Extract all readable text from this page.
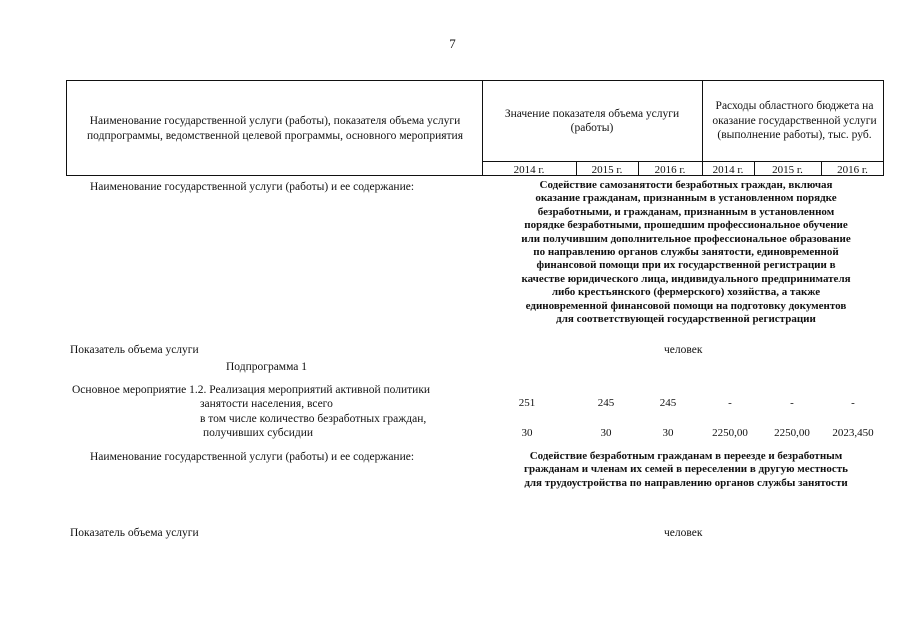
7
Наименование государственной услуги (работы), показателя объема услуги подпрограммы, ведомственной целевой программы, основного мероприятия
Значение показателя объема услуги (работы)
Расходы областного бюджета на оказание государственной услуги (выполнение работы), тыс. руб.
2014 г.	2015 г.	2016 г.	2014 г.	2015 г.	2016 г.
Наименование государственной услуги (работы) и ее содержание:	Содействие самозанятости безработных граждан, включая
оказание гражданам, признанным в установленном порядке
безработными, и гражданам, признанным в установленном
порядке безработными, прошедшим профессиональное обучение
или получившим дополнительное профессиональное образование
по направлению органов службы занятости, единовременной
финансовой помощи при их государственной регистрации в
качестве юридического лица, индивидуального предпринимателя
либо крестьянского (фермерского) хозяйства, а также
единовременной финансовой помощи на подготовку документов
для соответствующей государственной регистрации
Показатель объема услуги	человек
Подпрограмма 1
Основное мероприятие 1.2. Реализация мероприятий активной политики
занятости населения, всего	251	245	245	-	-	-
в том числе количество безработных граждан,
получивших субсидии	30	30	30	2250,00	2250,00	2023,450
Наименование государственной услуги (работы) и ее содержание:	Содействие безработным гражданам в переезде и безработным
гражданам и членам их семей в переселении в другую местность
для трудоустройства по направлению органов службы занятости
Показатель объема услуги	человек
